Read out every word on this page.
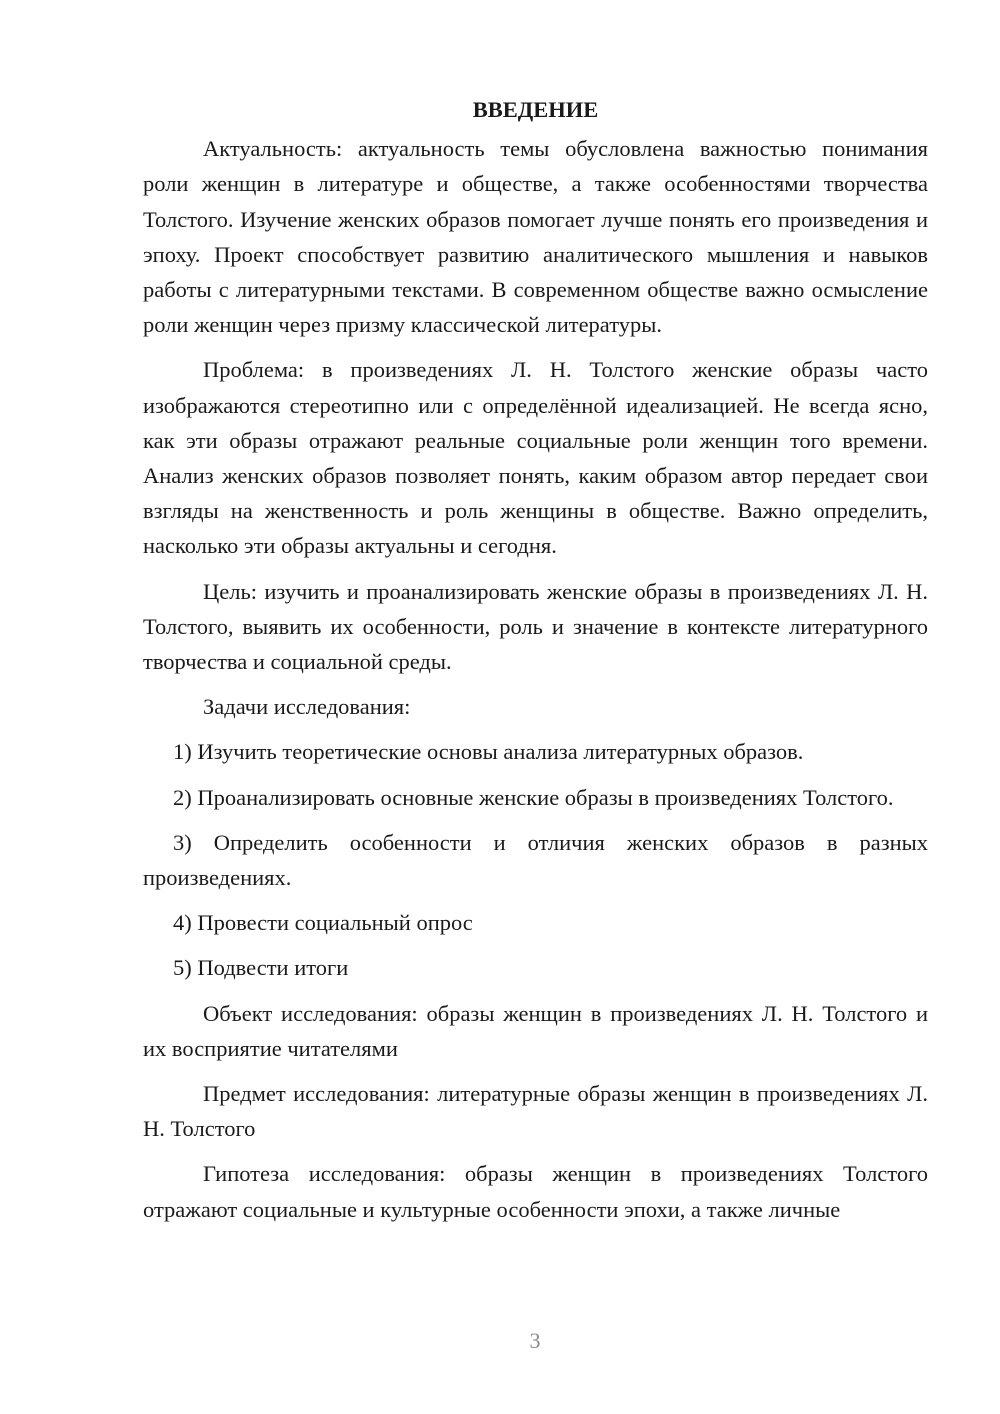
ВВЕДЕНИЕ

Актуальность: актуальность темы обусловлена важностью понимания роли женщин в литературе и обществе, а также особенностями творчества Толстого. Изучение женских образов помогает лучше понять его произведения и эпоху. Проект способствует развитию аналитического мышления и навыков работы с литературными текстами. В современном обществе важно осмысление роли женщин через призму классической литературы.

Проблема: в произведениях Л. Н. Толстого женские образы часто изображаются стереотипно или с определённой идеализацией. Не всегда ясно, как эти образы отражают реальные социальные роли женщин того времени. Анализ женских образов позволяет понять, каким образом автор передает свои взгляды на женственность и роль женщины в обществе. Важно определить, насколько эти образы актуальны и сегодня.

Цель: изучить и проанализировать женские образы в произведениях Л. Н. Толстого, выявить их особенности, роль и значение в контексте литературного творчества и социальной среды.

Задачи исследования:

1) Изучить теоретические основы анализа литературных образов.

2) Проанализировать основные женские образы в произведениях Толстого.

3) Определить особенности и отличия женских образов в разных произведениях.

4) Провести социальный опрос

5) Подвести итоги

Объект исследования: образы женщин в произведениях Л. Н. Толстого и их восприятие читателями

Предмет исследования: литературные образы женщин в произведениях Л. Н. Толстого

Гипотеза исследования: образы женщин в произведениях Толстого отражают социальные и культурные особенности эпохи, а также личные

3
